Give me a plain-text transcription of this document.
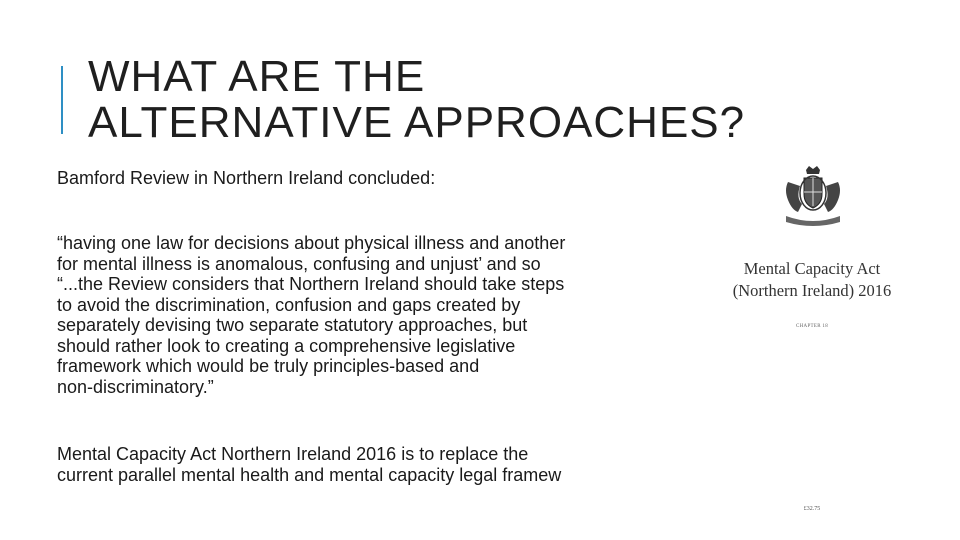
WHAT ARE THE
ALTERNATIVE APPROACHES?
Bamford Review in Northern Ireland concluded:
“having one law for decisions about physical illness and another
for mental illness is anomalous, confusing and unjust’ and so
“...the Review considers that Northern Ireland should take steps
to avoid the discrimination, confusion and gaps created by
separately devising two separate statutory approaches, but
should rather look to creating a comprehensive legislative
framework which would be truly principles-based and
non-discriminatory.”
Mental Capacity Act Northern Ireland 2016 is to replace the
current parallel mental health and mental capacity legal framew
Mental Capacity Act
(Northern Ireland) 2016
CHAPTER 18
£32.75
